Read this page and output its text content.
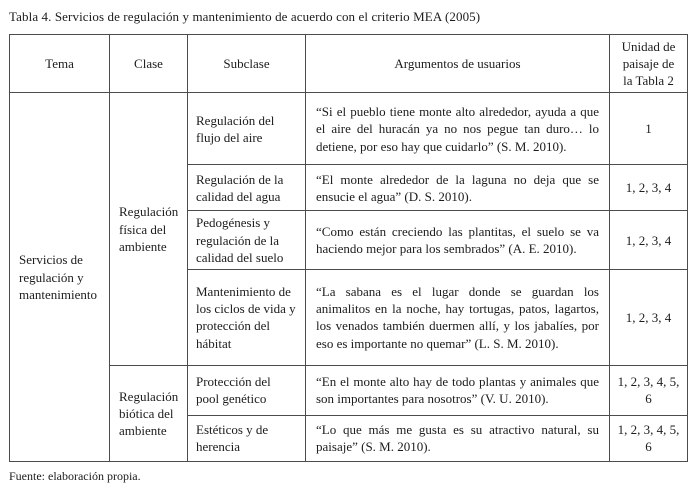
Tabla 4. Servicios de regulación y mantenimiento de acuerdo con el criterio MEA (2005)
Tema	Clase	Subclase	Argumentos de usuarios	Unidad de paisaje de la Tabla 2
Servicios de regulación y mantenimiento	Regulación física del ambiente	Regulación del flujo del aire	“Si el pueblo tiene monte alto alrededor, ayuda a que el aire del huracán ya no nos pegue tan duro… lo detiene, por eso hay que cuidarlo” (S. M. 2010).	1
		Regulación de la calidad del agua	“El monte alrededor de la laguna no deja que se ensucie el agua” (D. S. 2010).	1, 2, 3, 4
		Pedogénesis y regulación de la calidad del suelo	“Como están creciendo las plantitas, el suelo se va haciendo mejor para los sembrados” (A. E. 2010).	1, 2, 3, 4
		Mantenimiento de los ciclos de vida y protección del hábitat	“La sabana es el lugar donde se guardan los animalitos en la noche, hay tortugas, patos, lagartos, los venados también duermen allí, y los jabalíes, por eso es importante no quemar” (L. S. M. 2010).	1, 2, 3, 4
	Regulación biótica del ambiente	Protección del pool genético	“En el monte alto hay de todo plantas y animales que son importantes para nosotros” (V. U. 2010).	1, 2, 3, 4, 5, 6
		Estéticos y de herencia	“Lo que más me gusta es su atractivo natural, su paisaje” (S. M. 2010).	1, 2, 3, 4, 5, 6
Fuente: elaboración propia.
